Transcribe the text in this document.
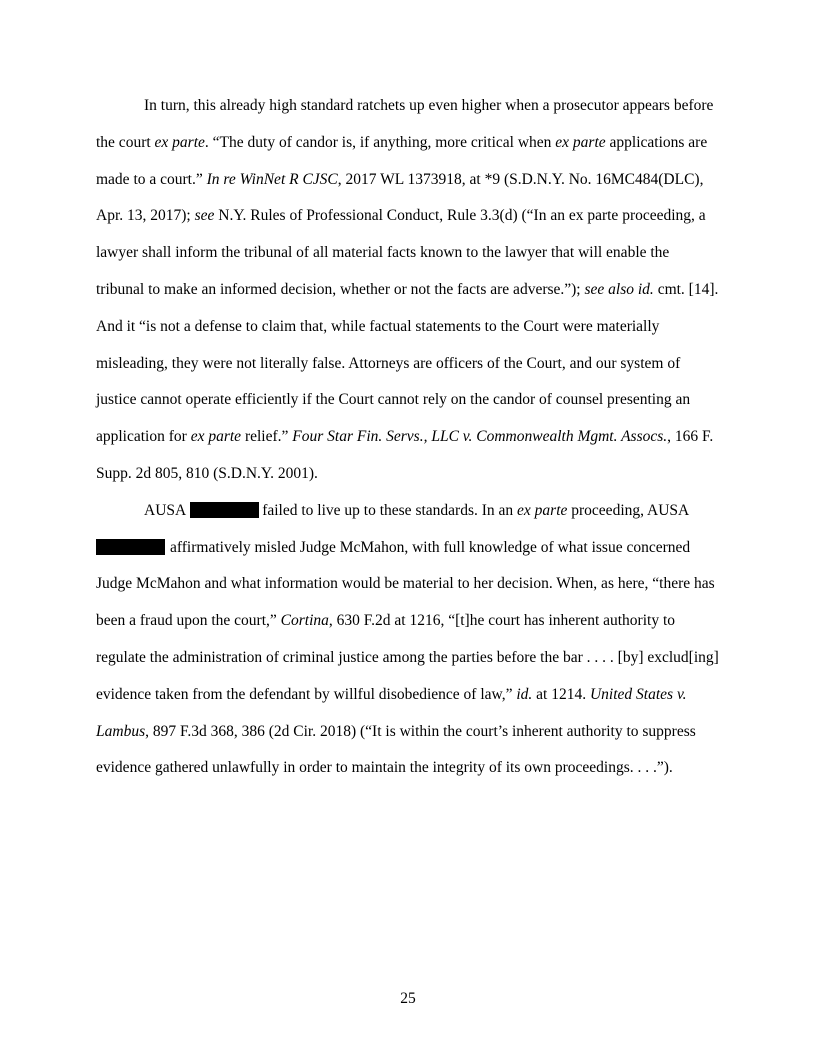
In turn, this already high standard ratchets up even higher when a prosecutor appears before the court ex parte. “The duty of candor is, if anything, more critical when ex parte applications are made to a court.” In re WinNet R CJSC, 2017 WL 1373918, at *9 (S.D.N.Y. No. 16MC484(DLC), Apr. 13, 2017); see N.Y. Rules of Professional Conduct, Rule 3.3(d) (“In an ex parte proceeding, a lawyer shall inform the tribunal of all material facts known to the lawyer that will enable the tribunal to make an informed decision, whether or not the facts are adverse.”); see also id. cmt. [14]. And it “is not a defense to claim that, while factual statements to the Court were materially misleading, they were not literally false. Attorneys are officers of the Court, and our system of justice cannot operate efficiently if the Court cannot rely on the candor of counsel presenting an application for ex parte relief.” Four Star Fin. Servs., LLC v. Commonwealth Mgmt. Assocs., 166 F. Supp. 2d 805, 810 (S.D.N.Y. 2001).

AUSA	failed to live up to these standards. In an ex parte proceeding, AUSA affirmatively misled Judge McMahon, with full knowledge of what issue concerned Judge McMahon and what information would be material to her decision. When, as here, “there has been a fraud upon the court,” Cortina, 630 F.2d at 1216, “[t]he court has inherent authority to regulate the administration of criminal justice among the parties before the bar . . . . [by] exclud[ing] evidence taken from the defendant by willful disobedience of law,” id. at 1214. United States v. Lambus, 897 F.3d 368, 386 (2d Cir. 2018) (“It is within the court’s inherent authority to suppress evidence gathered unlawfully in order to maintain the integrity of its own proceedings. . . .”).

25
